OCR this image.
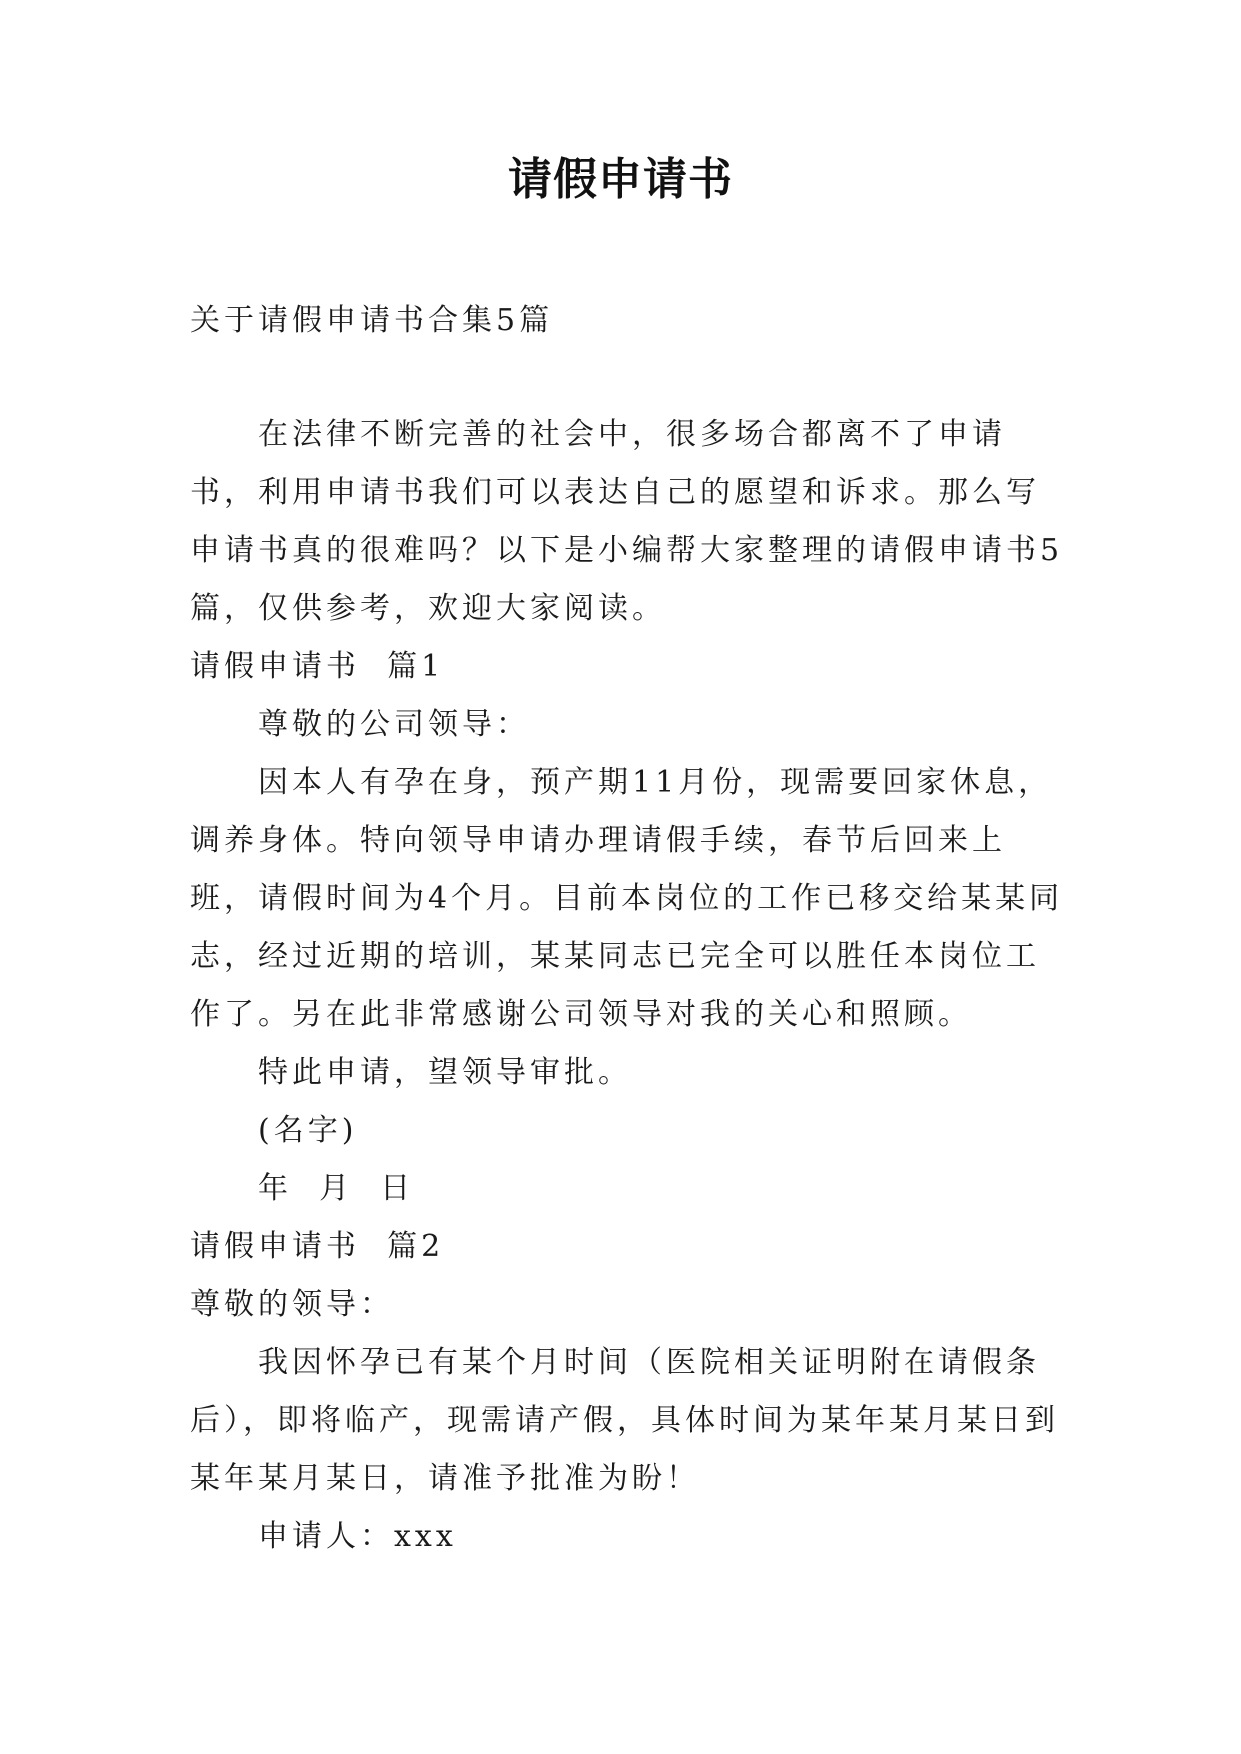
请假申请书

关于请假申请书合集5篇

在法律不断完善的社会中，很多场合都离不了申请书，利用申请书我们可以表达自己的愿望和诉求。那么写申请书真的很难吗？以下是小编帮大家整理的请假申请书5篇，仅供参考，欢迎大家阅读。

请假申请书  篇1

尊敬的公司领导：

因本人有孕在身，预产期11月份，现需要回家休息，调养身体。特向领导申请办理请假手续，春节后回来上班，请假时间为4个月。目前本岗位的工作已移交给某某同志，经过近期的培训，某某同志已完全可以胜任本岗位工作了。另在此非常感谢公司领导对我的关心和照顾。

特此申请，望领导审批。

(名字)

年  月  日

请假申请书  篇2

尊敬的领导：

我因怀孕已有某个月时间（医院相关证明附在请假条后），即将临产，现需请产假，具体时间为某年某月某日到某年某月某日，请准予批准为盼！

申请人：xxx
